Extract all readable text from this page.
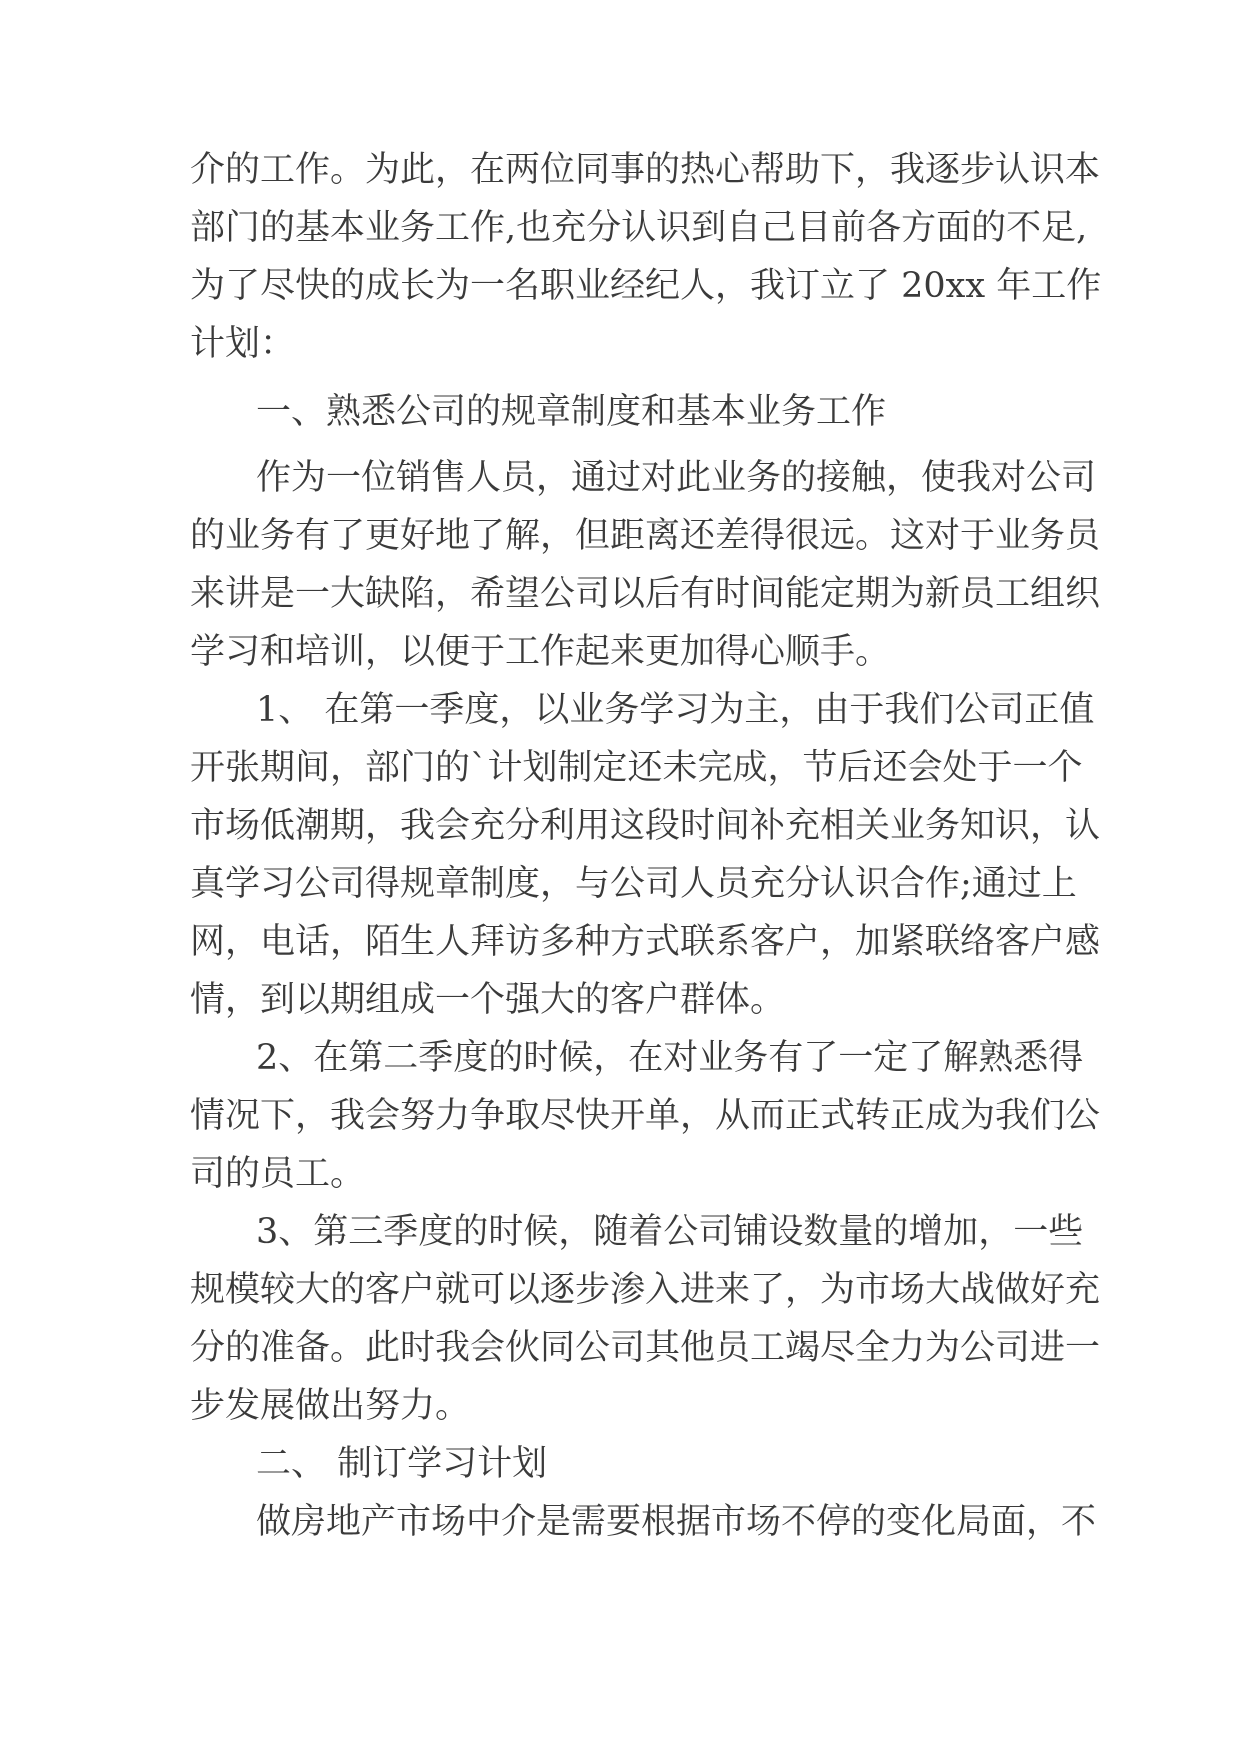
介的工作。为此，在两位同事的热心帮助下，我逐步认识本
部门的基本业务工作,也充分认识到自己目前各方面的不足,
为了尽快的成长为一名职业经纪人，我订立了 20xx 年工作
计划：
一、熟悉公司的规章制度和基本业务工作
作为一位销售人员，通过对此业务的接触，使我对公司
的业务有了更好地了解，但距离还差得很远。这对于业务员
来讲是一大缺陷，希望公司以后有时间能定期为新员工组织
学习和培训，以便于工作起来更加得心顺手。
1、 在第一季度，以业务学习为主，由于我们公司正值
开张期间，部门的`计划制定还未完成，节后还会处于一个
市场低潮期，我会充分利用这段时间补充相关业务知识，认
真学习公司得规章制度，与公司人员充分认识合作;通过上
网，电话，陌生人拜访多种方式联系客户，加紧联络客户感
情，到以期组成一个强大的客户群体。
2、在第二季度的时候，在对业务有了一定了解熟悉得
情况下，我会努力争取尽快开单，从而正式转正成为我们公
司的员工。
3、第三季度的时候，随着公司铺设数量的增加，一些
规模较大的客户就可以逐步渗入进来了，为市场大战做好充
分的准备。此时我会伙同公司其他员工竭尽全力为公司进一
步发展做出努力。
二、 制订学习计划
做房地产市场中介是需要根据市场不停的变化局面，不
